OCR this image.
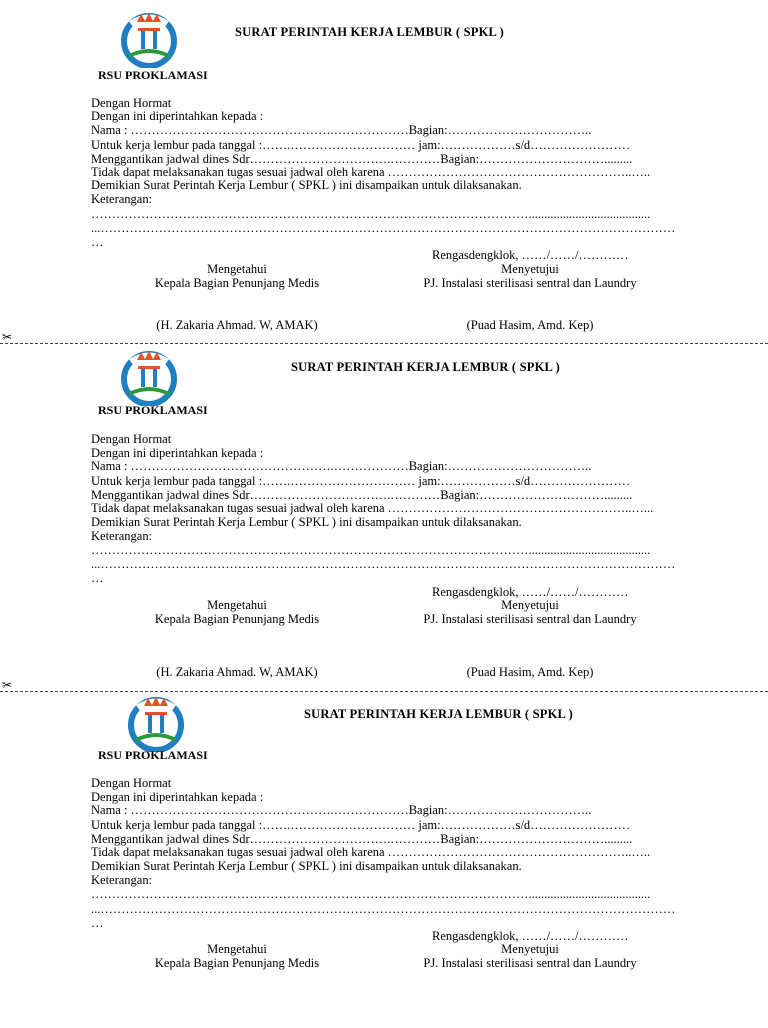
RSU PROKLAMASI
SURAT PERINTAH KERJA LEMBUR ( SPKL )
Dengan Hormat
Dengan ini diperintahkan kepada :
Nama : ………………………………………….………………Bagian:……………………………..
Untuk kerja lembur pada tanggal :…….………………………… jam:………………s/d……………………
Menggantikan jadwal dines Sdr…………………………….…………Bagian:………………………….........
Tidak dapat melaksanakan tugas sesuai jadwal oleh karena …………………………………………………..…..
Demikian Surat Perintah Kerja Lembur ( SPKL ) ini disampaikan untuk dilaksanakan.
Keterangan:
…………………………………………………………………………………………….......................................
...…………………………………………………………………………………………………………………………
…
Rengasdengklok, ……/……/…………
Mengetahui
Kepala Bagian Penunjang Medis
Menyetujui
PJ. Instalasi sterilisasi sentral dan Laundry
(H. Zakaria Ahmad. W, AMAK)	(Puad Hasim, Amd. Kep)
✂
RSU PROKLAMASI
SURAT PERINTAH KERJA LEMBUR ( SPKL )
Dengan Hormat
Dengan ini diperintahkan kepada :
Nama : ………………………………………….………………Bagian:……………………………..
Untuk kerja lembur pada tanggal :…….………………………… jam:………………s/d……………………
Menggantikan jadwal dines Sdr…………………………….…………Bagian:………………………….........
Tidak dapat melaksanakan tugas sesuai jadwal oleh karena …………………………………………………..…...
Demikian Surat Perintah Kerja Lembur ( SPKL ) ini disampaikan untuk dilaksanakan.
Keterangan:
…………………………………………………………………………………………….......................................
...…………………………………………………………………………………………………………………………
…
Rengasdengklok, ……/……/…………
Mengetahui
Kepala Bagian Penunjang Medis
Menyetujui
PJ. Instalasi sterilisasi sentral dan Laundry
(H. Zakaria Ahmad. W, AMAK)	(Puad Hasim, Amd. Kep)
✂
RSU PROKLAMASI
SURAT PERINTAH KERJA LEMBUR ( SPKL )
Dengan Hormat
Dengan ini diperintahkan kepada :
Nama : ………………………………………….………………Bagian:……………………………..
Untuk kerja lembur pada tanggal :…….………………………… jam:………………s/d……………………
Menggantikan jadwal dines Sdr…………………………….…………Bagian:………………………….........
Tidak dapat melaksanakan tugas sesuai jadwal oleh karena …………………………………………………..…..
Demikian Surat Perintah Kerja Lembur ( SPKL ) ini disampaikan untuk dilaksanakan.
Keterangan:
…………………………………………………………………………………………….......................................
...…………………………………………………………………………………………………………………………
…
Rengasdengklok, ……/……/…………
Mengetahui
Kepala Bagian Penunjang Medis
Menyetujui
PJ. Instalasi sterilisasi sentral dan Laundry
